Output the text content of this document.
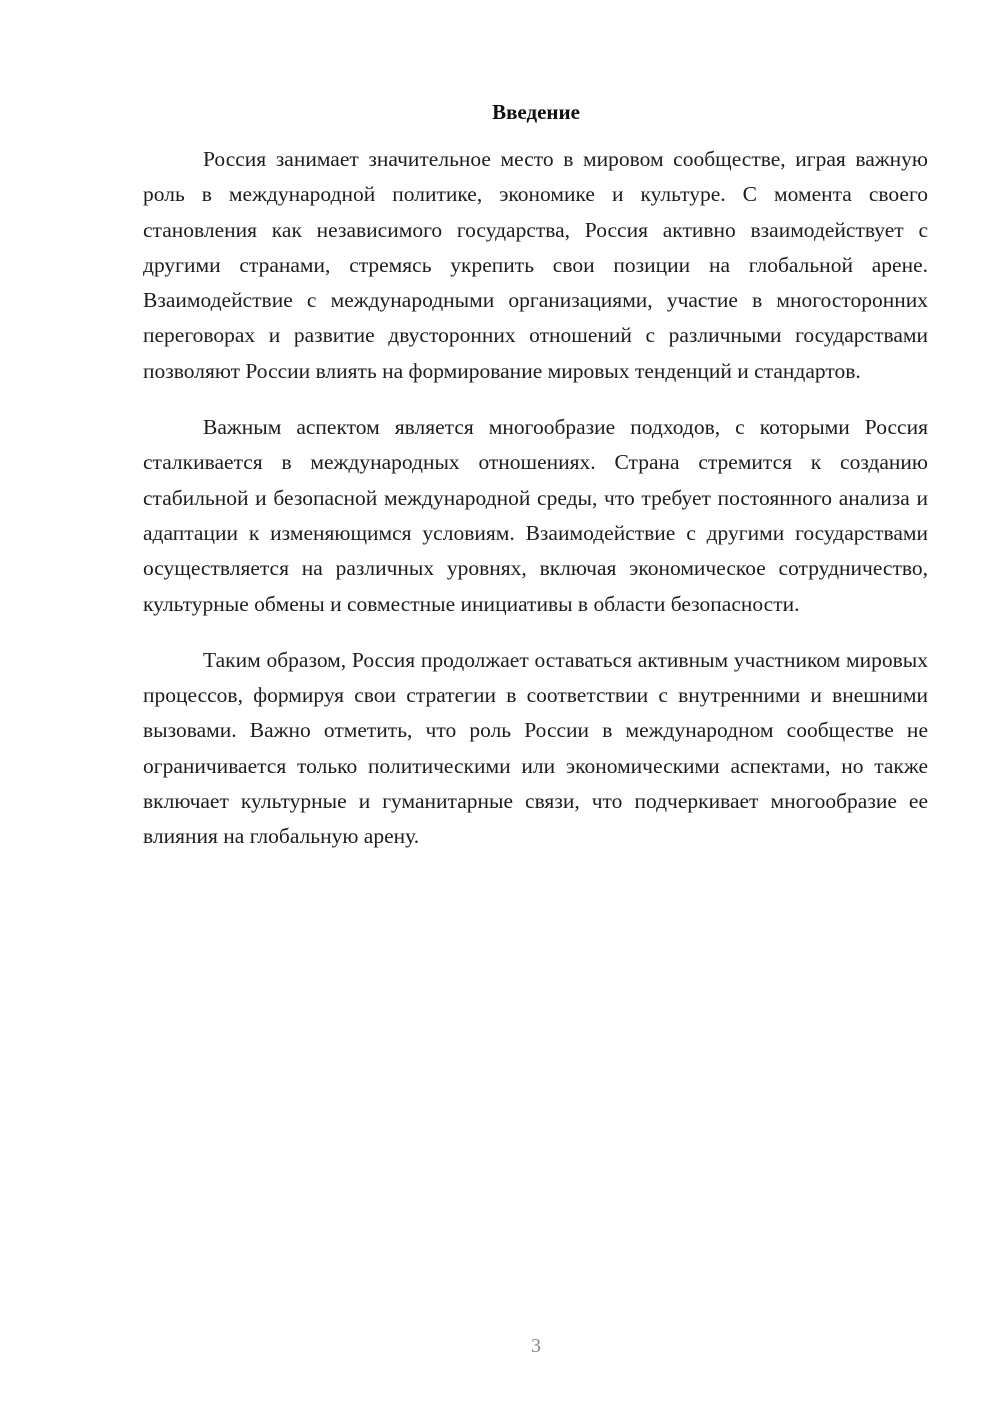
Введение

Россия занимает значительное место в мировом сообществе, играя важную роль в международной политике, экономике и культуре. С момента своего становления как независимого государства, Россия активно взаимодействует с другими странами, стремясь укрепить свои позиции на глобальной арене. Взаимодействие с международными организациями, участие в многосторонних переговорах и развитие двусторонних отношений с различными государствами позволяют России влиять на формирование мировых тенденций и стандартов.

Важным аспектом является многообразие подходов, с которыми Россия сталкивается в международных отношениях. Страна стремится к созданию стабильной и безопасной международной среды, что требует постоянного анализа и адаптации к изменяющимся условиям. Взаимодействие с другими государствами осуществляется на различных уровнях, включая экономическое сотрудничество, культурные обмены и совместные инициативы в области безопасности.

Таким образом, Россия продолжает оставаться активным участником мировых процессов, формируя свои стратегии в соответствии с внутренними и внешними вызовами. Важно отметить, что роль России в международном сообществе не ограничивается только политическими или экономическими аспектами, но также включает культурные и гуманитарные связи, что подчеркивает многообразие ее влияния на глобальную арену.

3
